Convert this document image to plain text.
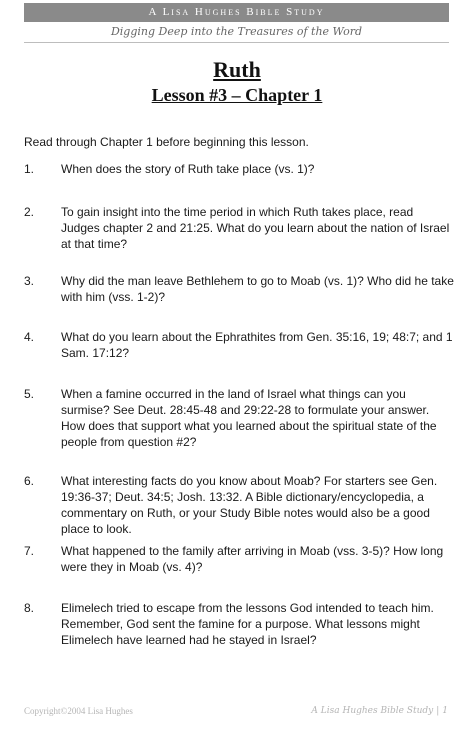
A Lisa Hughes Bible Study
Digging Deep into the Treasures of the Word
Ruth
Lesson #3 – Chapter 1
Read through Chapter 1 before beginning this lesson.
1. When does the story of Ruth take place (vs. 1)?
2. To gain insight into the time period in which Ruth takes place, read Judges chapter 2 and 21:25. What do you learn about the nation of Israel at that time?
3. Why did the man leave Bethlehem to go to Moab (vs. 1)? Who did he take with him (vss. 1-2)?
4. What do you learn about the Ephrathites from Gen. 35:16, 19; 48:7; and 1 Sam. 17:12?
5. When a famine occurred in the land of Israel what things can you surmise? See Deut. 28:45-48 and 29:22-28 to formulate your answer. How does that support what you learned about the spiritual state of the people from question #2?
6. What interesting facts do you know about Moab? For starters see Gen. 19:36-37; Deut. 34:5; Josh. 13:32. A Bible dictionary/encyclopedia, a commentary on Ruth, or your Study Bible notes would also be a good place to look.
7. What happened to the family after arriving in Moab (vss. 3-5)? How long were they in Moab (vs. 4)?
8. Elimelech tried to escape from the lessons God intended to teach him. Remember, God sent the famine for a purpose. What lessons might Elimelech have learned had he stayed in Israel?
Copyright©2004 Lisa Hughes	A Lisa Hughes Bible Study | 1
